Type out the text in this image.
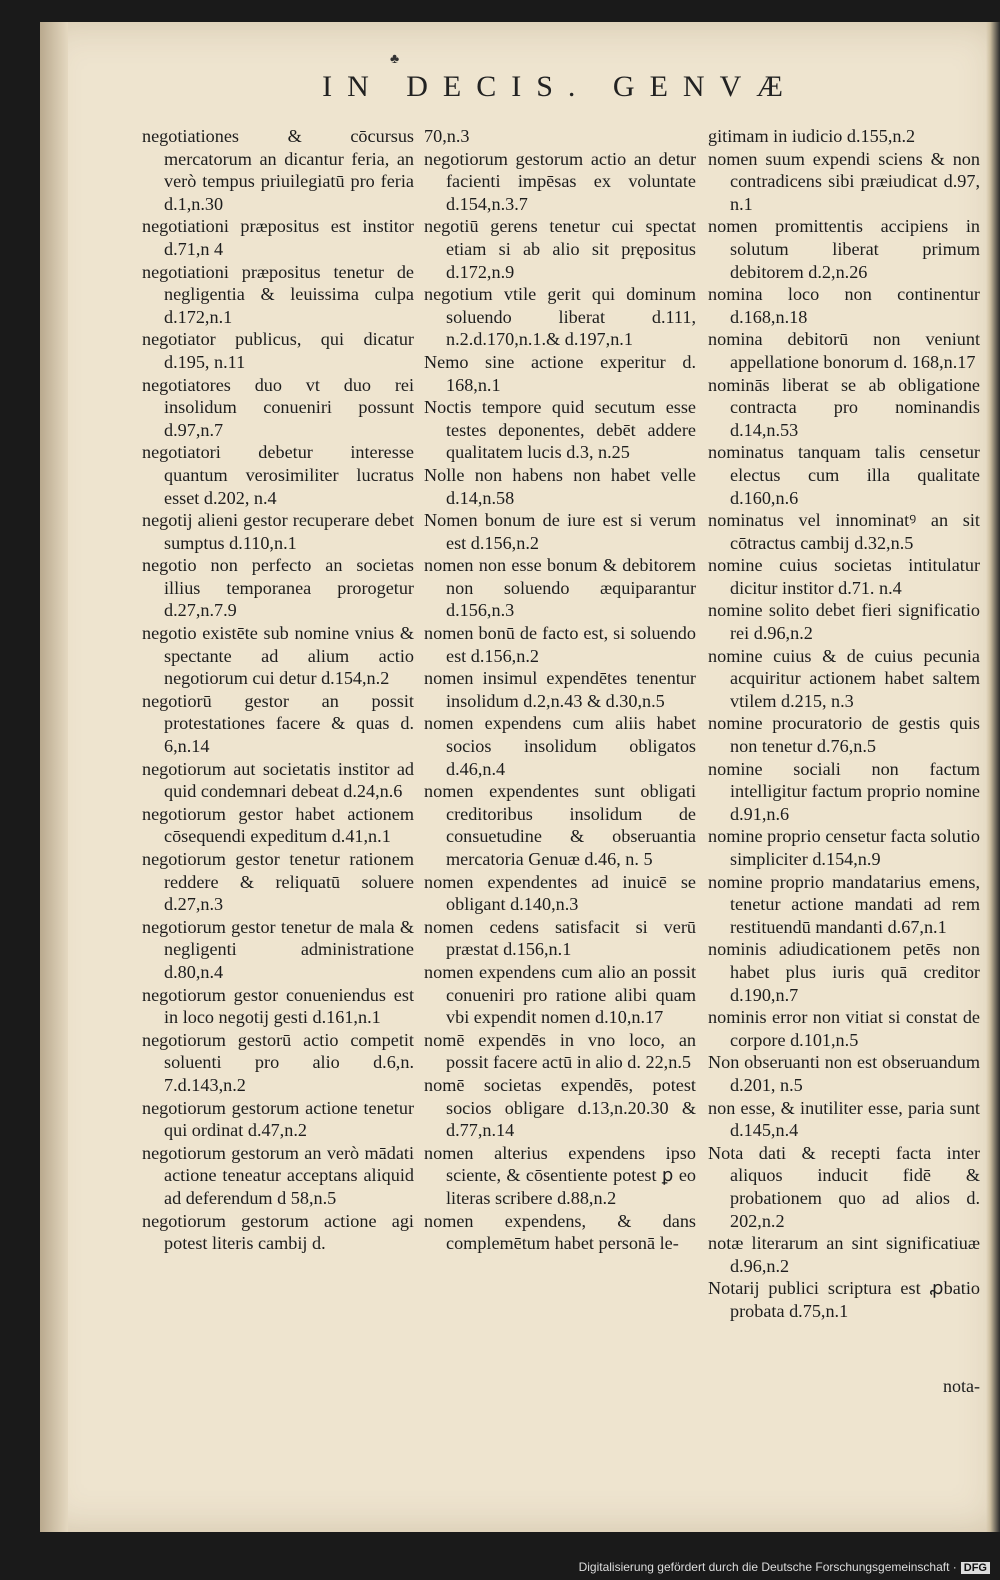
♣
IN DECIS. GENVÆ

negotiationes & cōcursus mercatorum an dicantur feria, an verò tempus priuilegiatū pro feria d.1,n.30

negotiationi præpositus est institor d.71,n 4

negotiationi præpositus tenetur de negligentia & leuissima culpa d.172,n.1

negotiator publicus, qui dicatur d.195, n.11

negotiatores duo vt duo rei insolidum conueniri possunt d.97,n.7

negotiatori debetur interesse quantum verosimiliter lucratus esset d.202, n.4

negotij alieni gestor recuperare debet sumptus d.110,n.1

negotio non perfecto an societas illius temporanea prorogetur d.27,n.7.9

negotio existēte sub nomine vnius & spectante ad alium actio negotiorum cui detur d.154,n.2

negotiorū gestor an possit protestationes facere & quas d. 6,n.14

negotiorum aut societatis institor ad quid condemnari debeat d.24,n.6

negotiorum gestor habet actionem cōsequendi expeditum d.41,n.1

negotiorum gestor tenetur rationem reddere & reliquatū soluere d.27,n.3

negotiorum gestor tenetur de mala & negligenti administratione d.80,n.4

negotiorum gestor conueniendus est in loco negotij gesti d.161,n.1

negotiorum gestorū actio competit soluenti pro alio d.6,n. 7.d.143,n.2

negotiorum gestorum actione tenetur qui ordinat d.47,n.2

negotiorum gestorum an verò mādati actione teneatur acceptans aliquid ad deferendum d 58,n.5

negotiorum gestorum actione agi potest literis cambij d.

70,n.3

negotiorum gestorum actio an detur facienti impēsas ex voluntate d.154,n.3.7

negotiū gerens tenetur cui spectat etiam si ab alio sit prępositus d.172,n.9

negotium vtile gerit qui dominum soluendo liberat d.111, n.2.d.170,n.1.& d.197,n.1

Nemo sine actione experitur d. 168,n.1

Noctis tempore quid secutum esse testes deponentes, debēt addere qualitatem lucis d.3, n.25

Nolle non habens non habet velle d.14,n.58

Nomen bonum de iure est si verum est d.156,n.2

nomen non esse bonum & debitorem non soluendo æquiparantur d.156,n.3

nomen bonū de facto est, si soluendo est d.156,n.2

nomen insimul expendētes tenentur insolidum d.2,n.43 & d.30,n.5

nomen expendens cum aliis habet socios insolidum obligatos d.46,n.4

nomen expendentes sunt obligati creditoribus insolidum de consuetudine & obseruantia mercatoria Genuæ d.46, n. 5

nomen expendentes ad inuicē se obligant d.140,n.3

nomen cedens satisfacit si verū præstat d.156,n.1

nomen expendens cum alio an possit conueniri pro ratione alibi quam vbi expendit nomen d.10,n.17

nomē expendēs in vno loco, an possit facere actū in alio d. 22,n.5

nomē societas expendēs, potest socios obligare d.13,n.20.30 & d.77,n.14

nomen alterius expendens ipso sciente, & cōsentiente potest ꝑ eo literas scribere d.88,n.2

nomen expendens, & dans complemētum habet personā le-

gitimam in iudicio d.155,n.2

nomen suum expendi sciens & non contradicens sibi præiudicat d.97, n.1

nomen promittentis accipiens in solutum liberat primum debitorem d.2,n.26

nomina loco non continentur d.168,n.18

nomina debitorū non veniunt appellatione bonorum d. 168,n.17

nominās liberat se ab obligatione contracta pro nominandis d.14,n.53

nominatus tanquam talis censetur electus cum illa qualitate d.160,n.6

nominatus vel innominatꝰ an sit cōtractus cambij d.32,n.5

nomine cuius societas intitulatur dicitur institor d.71. n.4

nomine solito debet fieri significatio rei d.96,n.2

nomine cuius & de cuius pecunia acquiritur actionem habet saltem vtilem d.215, n.3

nomine procuratorio de gestis quis non tenetur d.76,n.5

nomine sociali non factum intelligitur factum proprio nomine d.91,n.6

nomine proprio censetur facta solutio simpliciter d.154,n.9

nomine proprio mandatarius emens, tenetur actione mandati ad rem restituendū mandanti d.67,n.1

nominis adiudicationem petēs non habet plus iuris quā creditor d.190,n.7

nominis error non vitiat si constat de corpore d.101,n.5

Non obseruanti non est obseruandum d.201, n.5

non esse, & inutiliter esse, paria sunt d.145,n.4

Nota dati & recepti facta inter aliquos inducit fidē & probationem quo ad alios d. 202,n.2

notæ literarum an sint significatiuæ d.96,n.2

Notarij publici scriptura est ꝓbatio probata d.75,n.1

nota-
Digitalisierung gefördert durch die Deutsche Forschungsgemeinschaft · DFG
